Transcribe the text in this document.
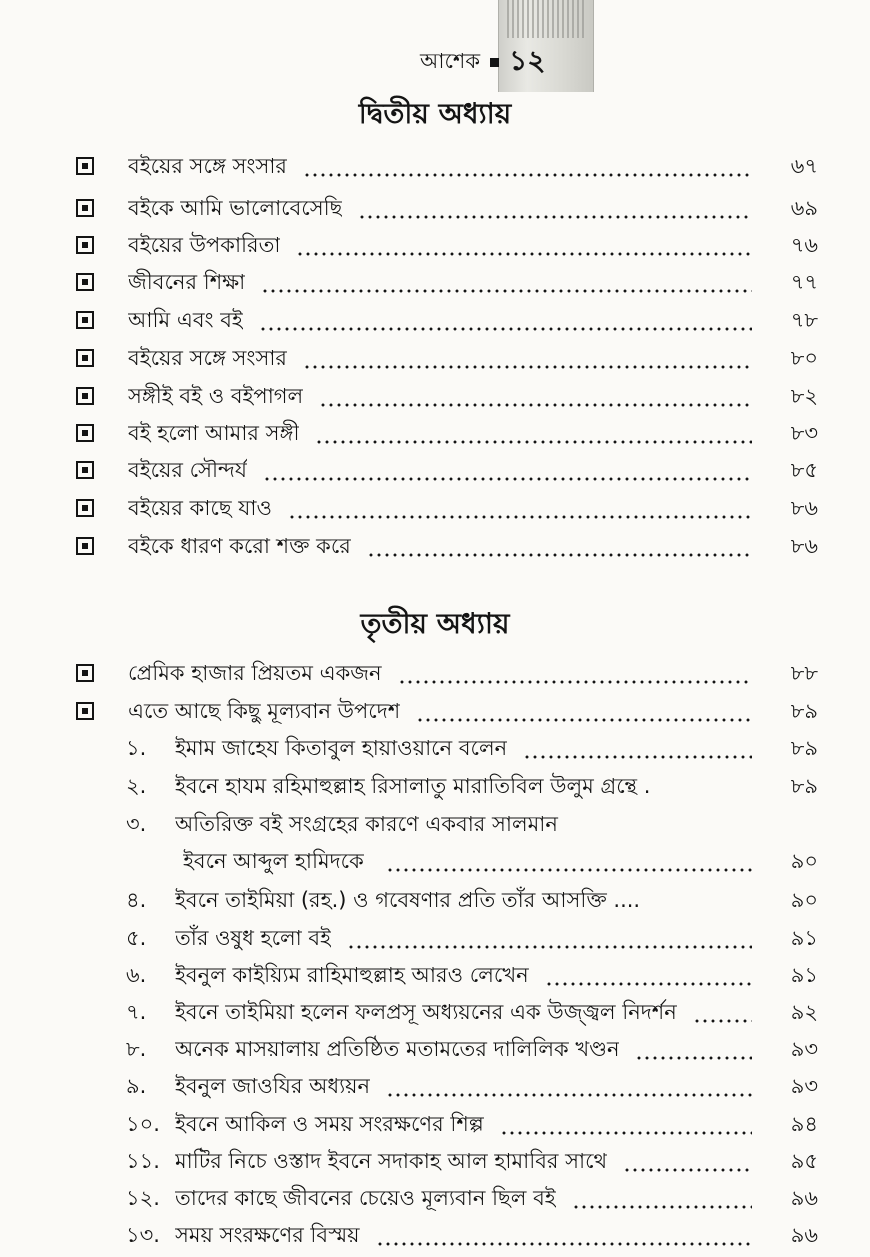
আশেক ১২
দ্বিতীয় অধ্যায়
বইয়ের সঙ্গে সংসার	৬৭
বইকে আমি ভালোবেসেছি	৬৯
বইয়ের উপকারিতা	৭৬
জীবনের শিক্ষা	৭৭
আমি এবং বই	৭৮
বইয়ের সঙ্গে সংসার	৮০
সঙ্গীই বই ও বইপাগল	৮২
বই হলো আমার সঙ্গী	৮৩
বইয়ের সৌন্দর্য	৮৫
বইয়ের কাছে যাও	৮৬
বইকে ধারণ করো শক্ত করে	৮৬
তৃতীয় অধ্যায়
প্রেমিক হাজার প্রিয়তম একজন	৮৮
এতে আছে কিছু মূল্যবান উপদেশ	৮৯
১. ইমাম জাহেয কিতাবুল হায়াওয়ানে বলেন	৮৯
২. ইবনে হাযম রহিমাহুল্লাহ রিসালাতু মারাতিবিল উলুম গ্রন্থে .	৮৯
৩. অতিরিক্ত বই সংগ্রহের কারণে একবার সালমান
ইবনে আব্দুল হামিদকে	৯০
৪. ইবনে তাইমিয়া (রহ.) ও গবেষণার প্রতি তাঁর আসক্তি ....	৯০
৫. তাঁর ওষুধ হলো বই	৯১
৬. ইবনুল কাইয়্যিম রাহিমাহুল্লাহ আরও লেখেন	৯১
৭. ইবনে তাইমিয়া হলেন ফলপ্রসূ অধ্যয়নের এক উজ্জ্বল নিদর্শন	৯২
৮. অনেক মাসয়ালায় প্রতিষ্ঠিত মতামতের দালিলিক খণ্ডন	৯৩
৯. ইবনুল জাওযির অধ্যয়ন	৯৩
১০. ইবনে আকিল ও সময় সংরক্ষণের শিল্প	৯৪
১১. মাটির নিচে ওস্তাদ ইবনে সদাকাহ আল হামাবির সাথে	৯৫
১২. তাদের কাছে জীবনের চেয়েও মূল্যবান ছিল বই	৯৬
১৩. সময় সংরক্ষণের বিস্ময়	৯৬
